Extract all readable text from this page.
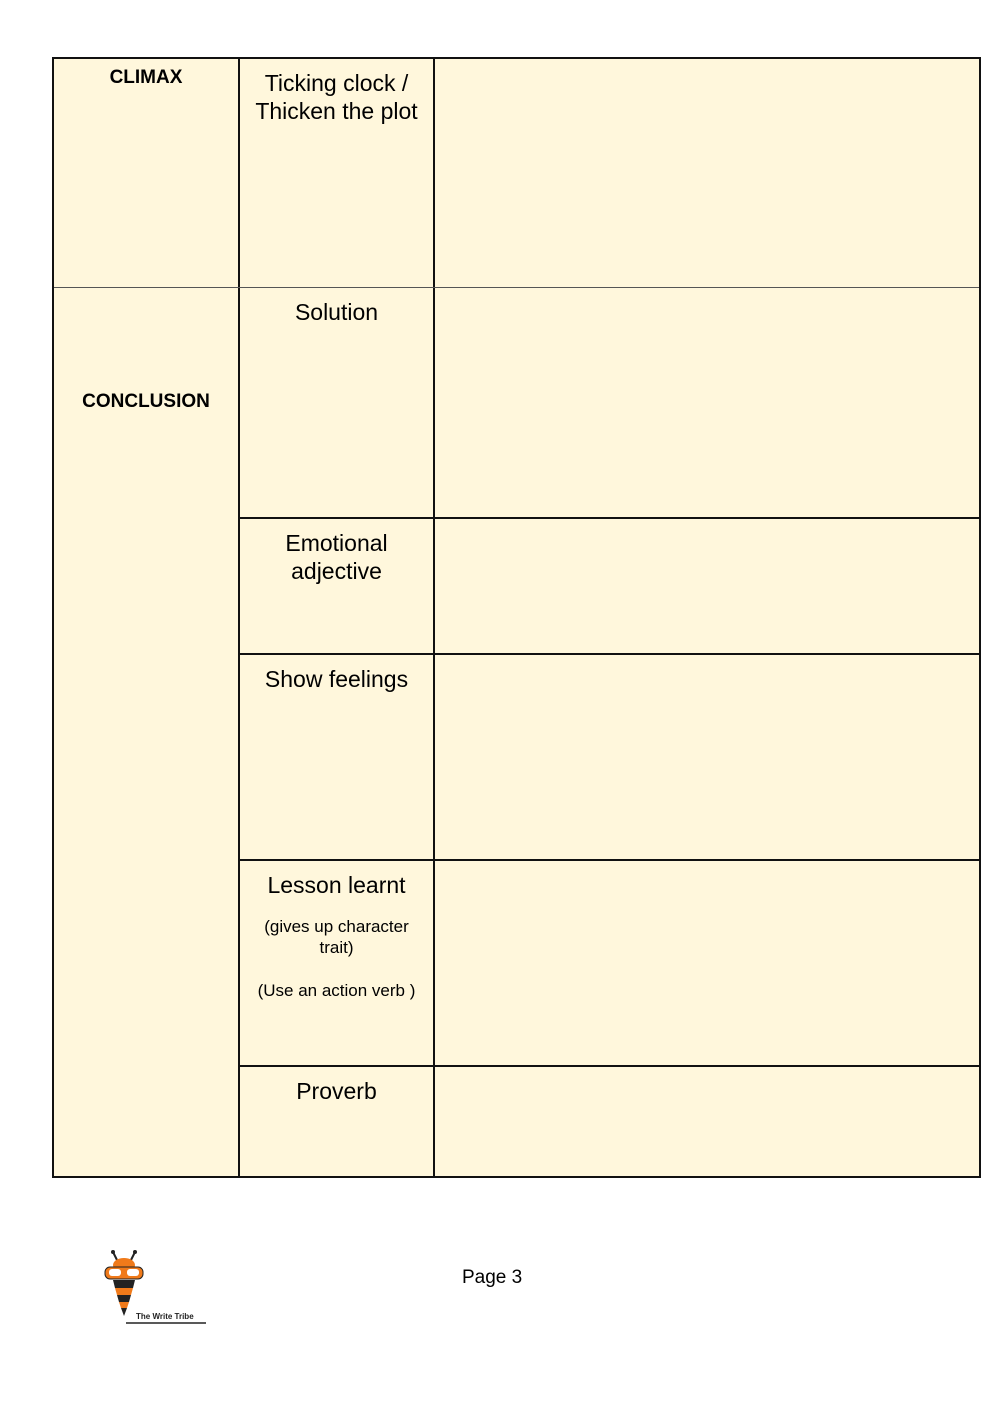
CLIMAX	Ticking clock /
Thicken the plot
CONCLUSION
Solution
Emotional
adjective
Show feelings
Lesson learnt
(gives up character
trait)
(Use an action verb )
Proverb
The Write Tribe
Page 3
